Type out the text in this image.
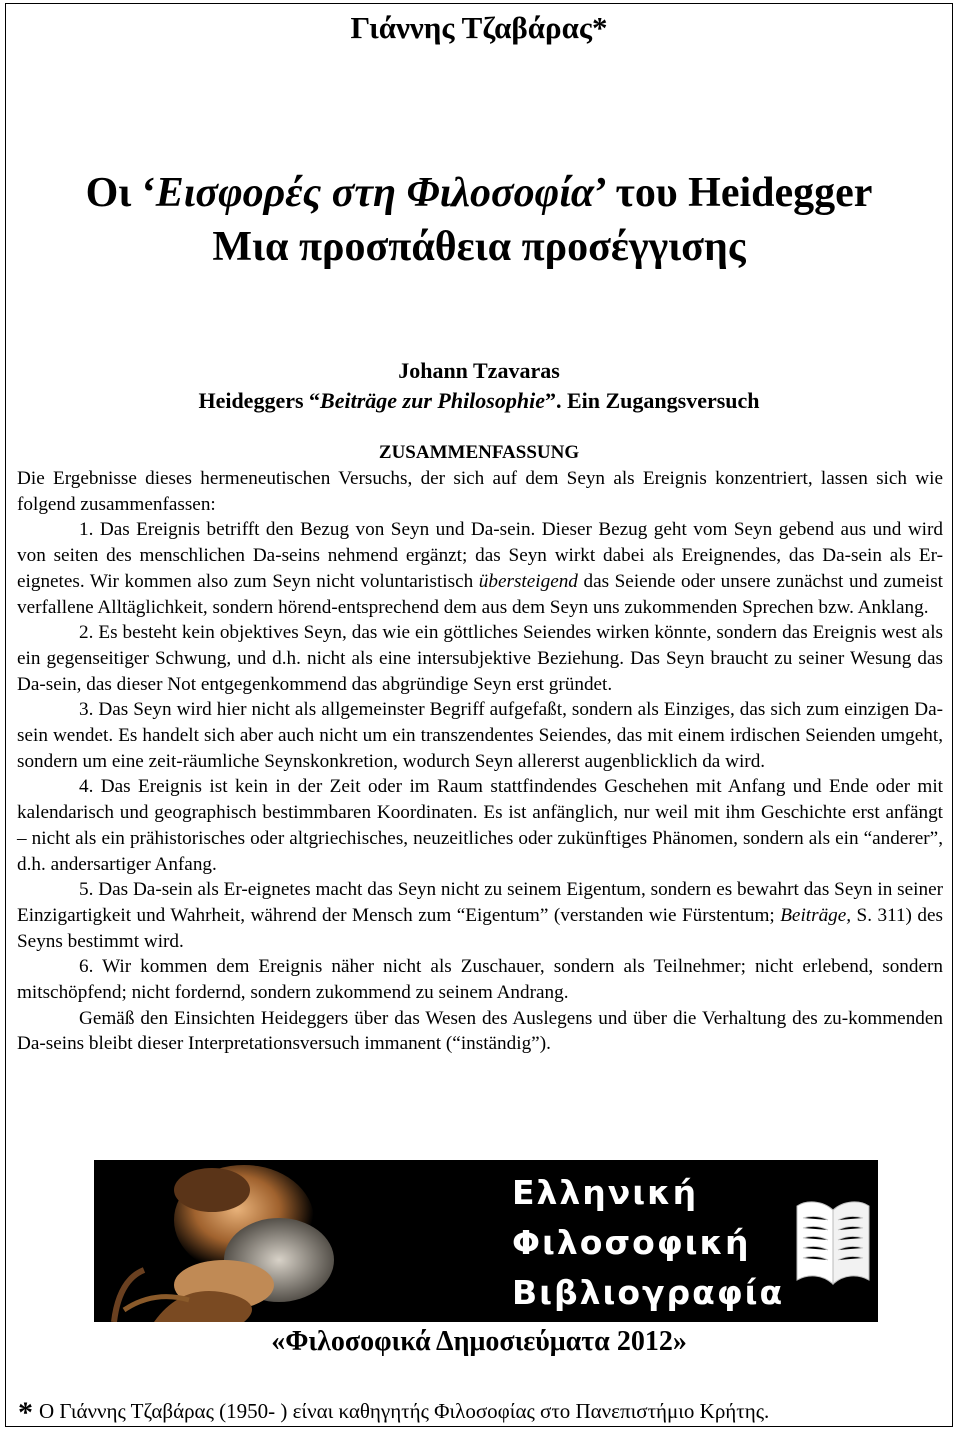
Γιάννης Τζαβάρας*
Οι ‘Εισφορές στη Φιλοσοφία’ του Heidegger
Μια προσπάθεια προσέγγισης
Johann Tzavaras
Heideggers “Beiträge zur Philosophie”. Ein Zugangsversuch
ZUSAMMENFASSUNG

Die Ergebnisse dieses hermeneutischen Versuchs, der sich auf dem Seyn als Ereignis konzentriert, lassen sich wie folgend zusammenfassen:

1. Das Ereignis betrifft den Bezug von Seyn und Da-sein. Dieser Bezug geht vom Seyn gebend aus und wird von seiten des menschlichen Da-seins nehmend ergänzt; das Seyn wirkt dabei als Ereignendes, das Da-sein als Er-eignetes. Wir kommen also zum Seyn nicht voluntaristisch übersteigend das Seiende oder unsere zunächst und zumeist verfallene Alltäglichkeit, sondern hörend-entsprechend dem aus dem Seyn uns zukommenden Sprechen bzw. Anklang.

2. Es besteht kein objektives Seyn, das wie ein göttliches Seiendes wirken könnte, sondern das Ereignis west als ein gegenseitiger Schwung, und d.h. nicht als eine intersubjektive Beziehung. Das Seyn braucht zu seiner Wesung das Da-sein, das dieser Not entgegenkommend das abgründige Seyn erst gründet.

3. Das Seyn wird hier nicht als allgemeinster Begriff aufgefaßt, sondern als Einziges, das sich zum einzigen Da-sein wendet. Es handelt sich aber auch nicht um ein transzendentes Seiendes, das mit einem irdischen Seienden umgeht, sondern um eine zeit-räumliche Seynskonkretion, wodurch Seyn allererst augenblicklich da wird.

4. Das Ereignis ist kein in der Zeit oder im Raum stattfindendes Geschehen mit Anfang und Ende oder mit kalendarisch und geographisch bestimmbaren Koordinaten. Es ist anfänglich, nur weil mit ihm Geschichte erst anfängt – nicht als ein prähistorisches oder altgriechisches, neuzeitliches oder zukünftiges Phänomen, sondern als ein “anderer”, d.h. andersartiger Anfang.

5. Das Da-sein als Er-eignetes macht das Seyn nicht zu seinem Eigentum, sondern es bewahrt das Seyn in seiner Einzigartigkeit und Wahrheit, während der Mensch zum “Eigentum” (verstanden wie Fürstentum; Beiträge, S. 311) des Seyns bestimmt wird.

6. Wir kommen dem Ereignis näher nicht als Zuschauer, sondern als Teilnehmer; nicht erlebend, sondern mitschöpfend; nicht fordernd, sondern zukommend zu seinem Andrang.

Gemäß den Einsichten Heideggers über das Wesen des Auslegens und über die Verhaltung des zu-kommenden Da-seins bleibt dieser Interpretationsversuch immanent (“inständig”).

Ελληνική
Φιλοσοφική
Βιβλιογραφία
«Φιλοσοφικά Δημοσιεύματα 2012»
* Ο Γιάννης Τζαβάρας (1950- ) είναι καθηγητής Φιλοσοφίας στο Πανεπιστήμιο Κρήτης.
